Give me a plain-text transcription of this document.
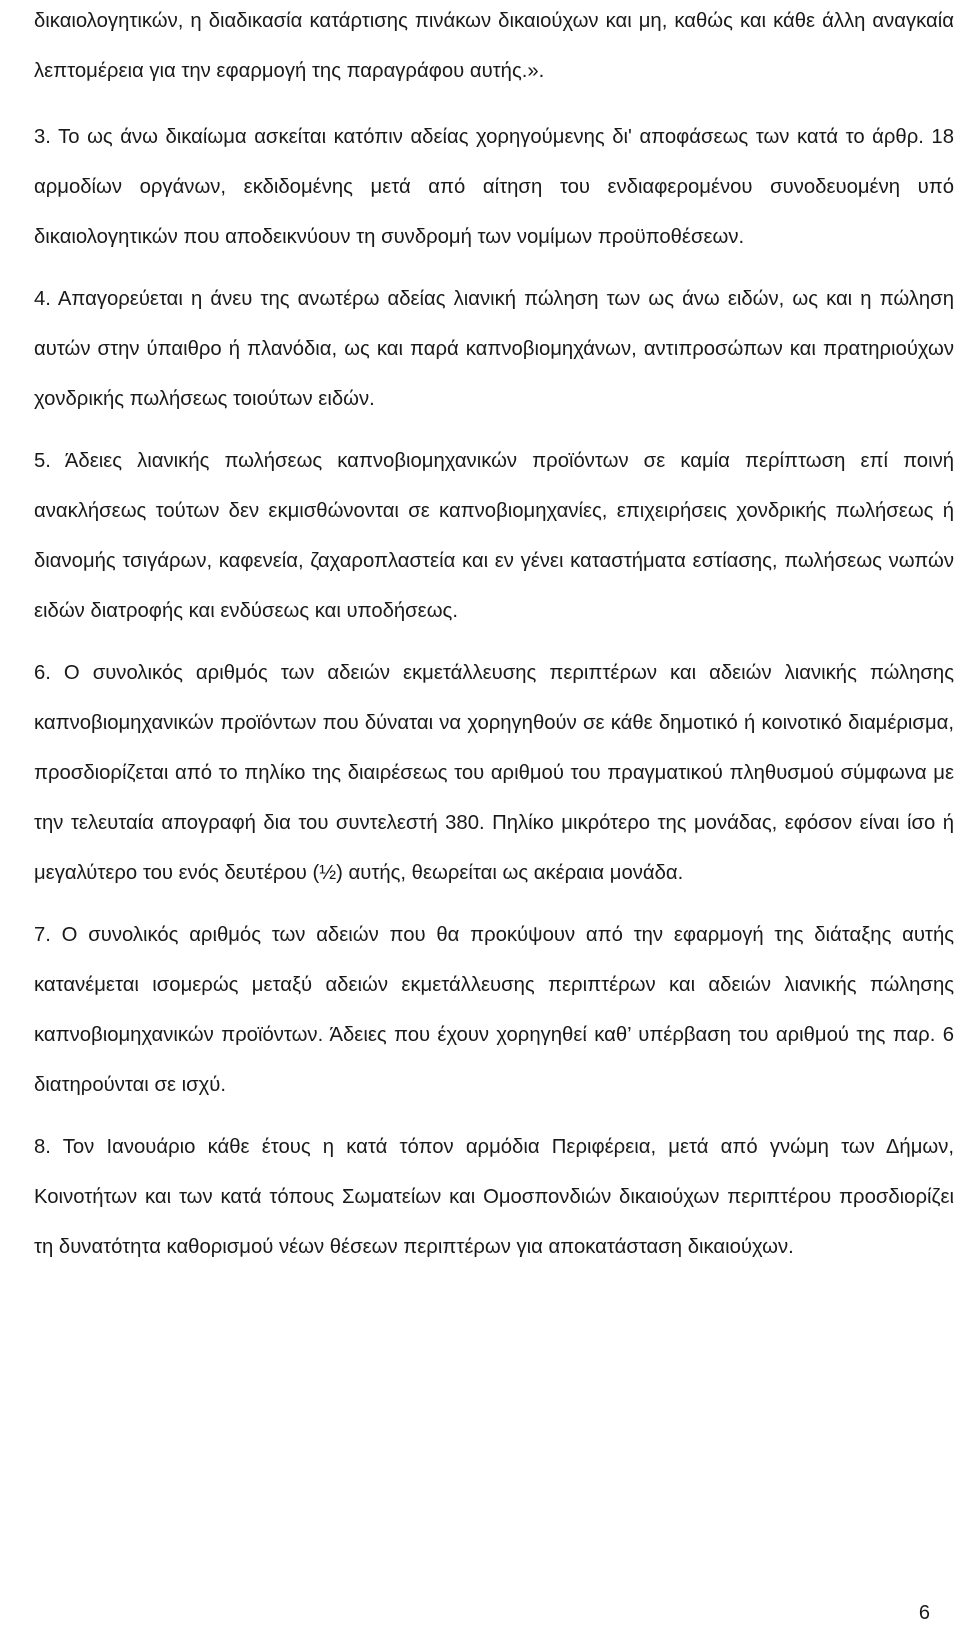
δικαιολογητικών, η διαδικασία κατάρτισης πινάκων δικαιούχων και μη, καθώς και κάθε άλλη αναγκαία λεπτομέρεια για την εφαρμογή της παραγράφου αυτής.».

3. Το ως άνω δικαίωμα ασκείται κατόπιν αδείας χορηγούμενης δι' αποφάσεως των κατά το άρθρ. 18 αρμοδίων οργάνων, εκδιδομένης μετά από αίτηση του ενδιαφερομένου συνοδευομένη υπό δικαιολογητικών που αποδεικνύουν τη συνδρομή των νομίμων προϋποθέσεων.

4. Απαγορεύεται η άνευ της ανωτέρω αδείας λιανική πώληση των ως άνω ειδών, ως και η πώληση αυτών στην ύπαιθρο ή πλανόδια, ως και παρά καπνοβιομηχάνων, αντιπροσώπων και πρατηριούχων χονδρικής πωλήσεως τοιούτων ειδών.

5. Άδειες λιανικής πωλήσεως καπνοβιομηχανικών προϊόντων σε καμία περίπτωση επί ποινή ανακλήσεως τούτων δεν εκμισθώνονται σε καπνοβιομηχανίες, επιχειρήσεις χονδρικής πωλήσεως ή διανομής τσιγάρων, καφενεία, ζαχαροπλαστεία και εν γένει καταστήματα εστίασης, πωλήσεως νωπών ειδών διατροφής και ενδύσεως και υποδήσεως.

6. Ο συνολικός αριθμός των αδειών εκμετάλλευσης περιπτέρων και αδειών λιανικής πώλησης καπνοβιομηχανικών προϊόντων που δύναται να χορηγηθούν σε κάθε δημοτικό ή κοινοτικό διαμέρισμα, προσδιορίζεται από το πηλίκο της διαιρέσεως του αριθμού του πραγματικού πληθυσμού σύμφωνα με την τελευταία απογραφή δια του συντελεστή 380. Πηλίκο μικρότερο της μονάδας, εφόσον είναι ίσο ή μεγαλύτερο του ενός δευτέρου (½) αυτής, θεωρείται ως ακέραια μονάδα.

7. Ο συνολικός αριθμός των αδειών που θα προκύψουν από την εφαρμογή της διάταξης αυτής κατανέμεται ισομερώς μεταξύ αδειών εκμετάλλευσης περιπτέρων και αδειών λιανικής πώλησης καπνοβιομηχανικών προϊόντων. Άδειες που έχουν χορηγηθεί καθ’ υπέρβαση του αριθμού της παρ. 6 διατηρούνται σε ισχύ.

8. Τον Ιανουάριο κάθε έτους η κατά τόπον αρμόδια Περιφέρεια, μετά από γνώμη των Δήμων, Κοινοτήτων και των κατά τόπους Σωματείων και Ομοσπονδιών δικαιούχων περιπτέρου προσδιορίζει τη δυνατότητα καθορισμού νέων θέσεων περιπτέρων για αποκατάσταση δικαιούχων.

6
